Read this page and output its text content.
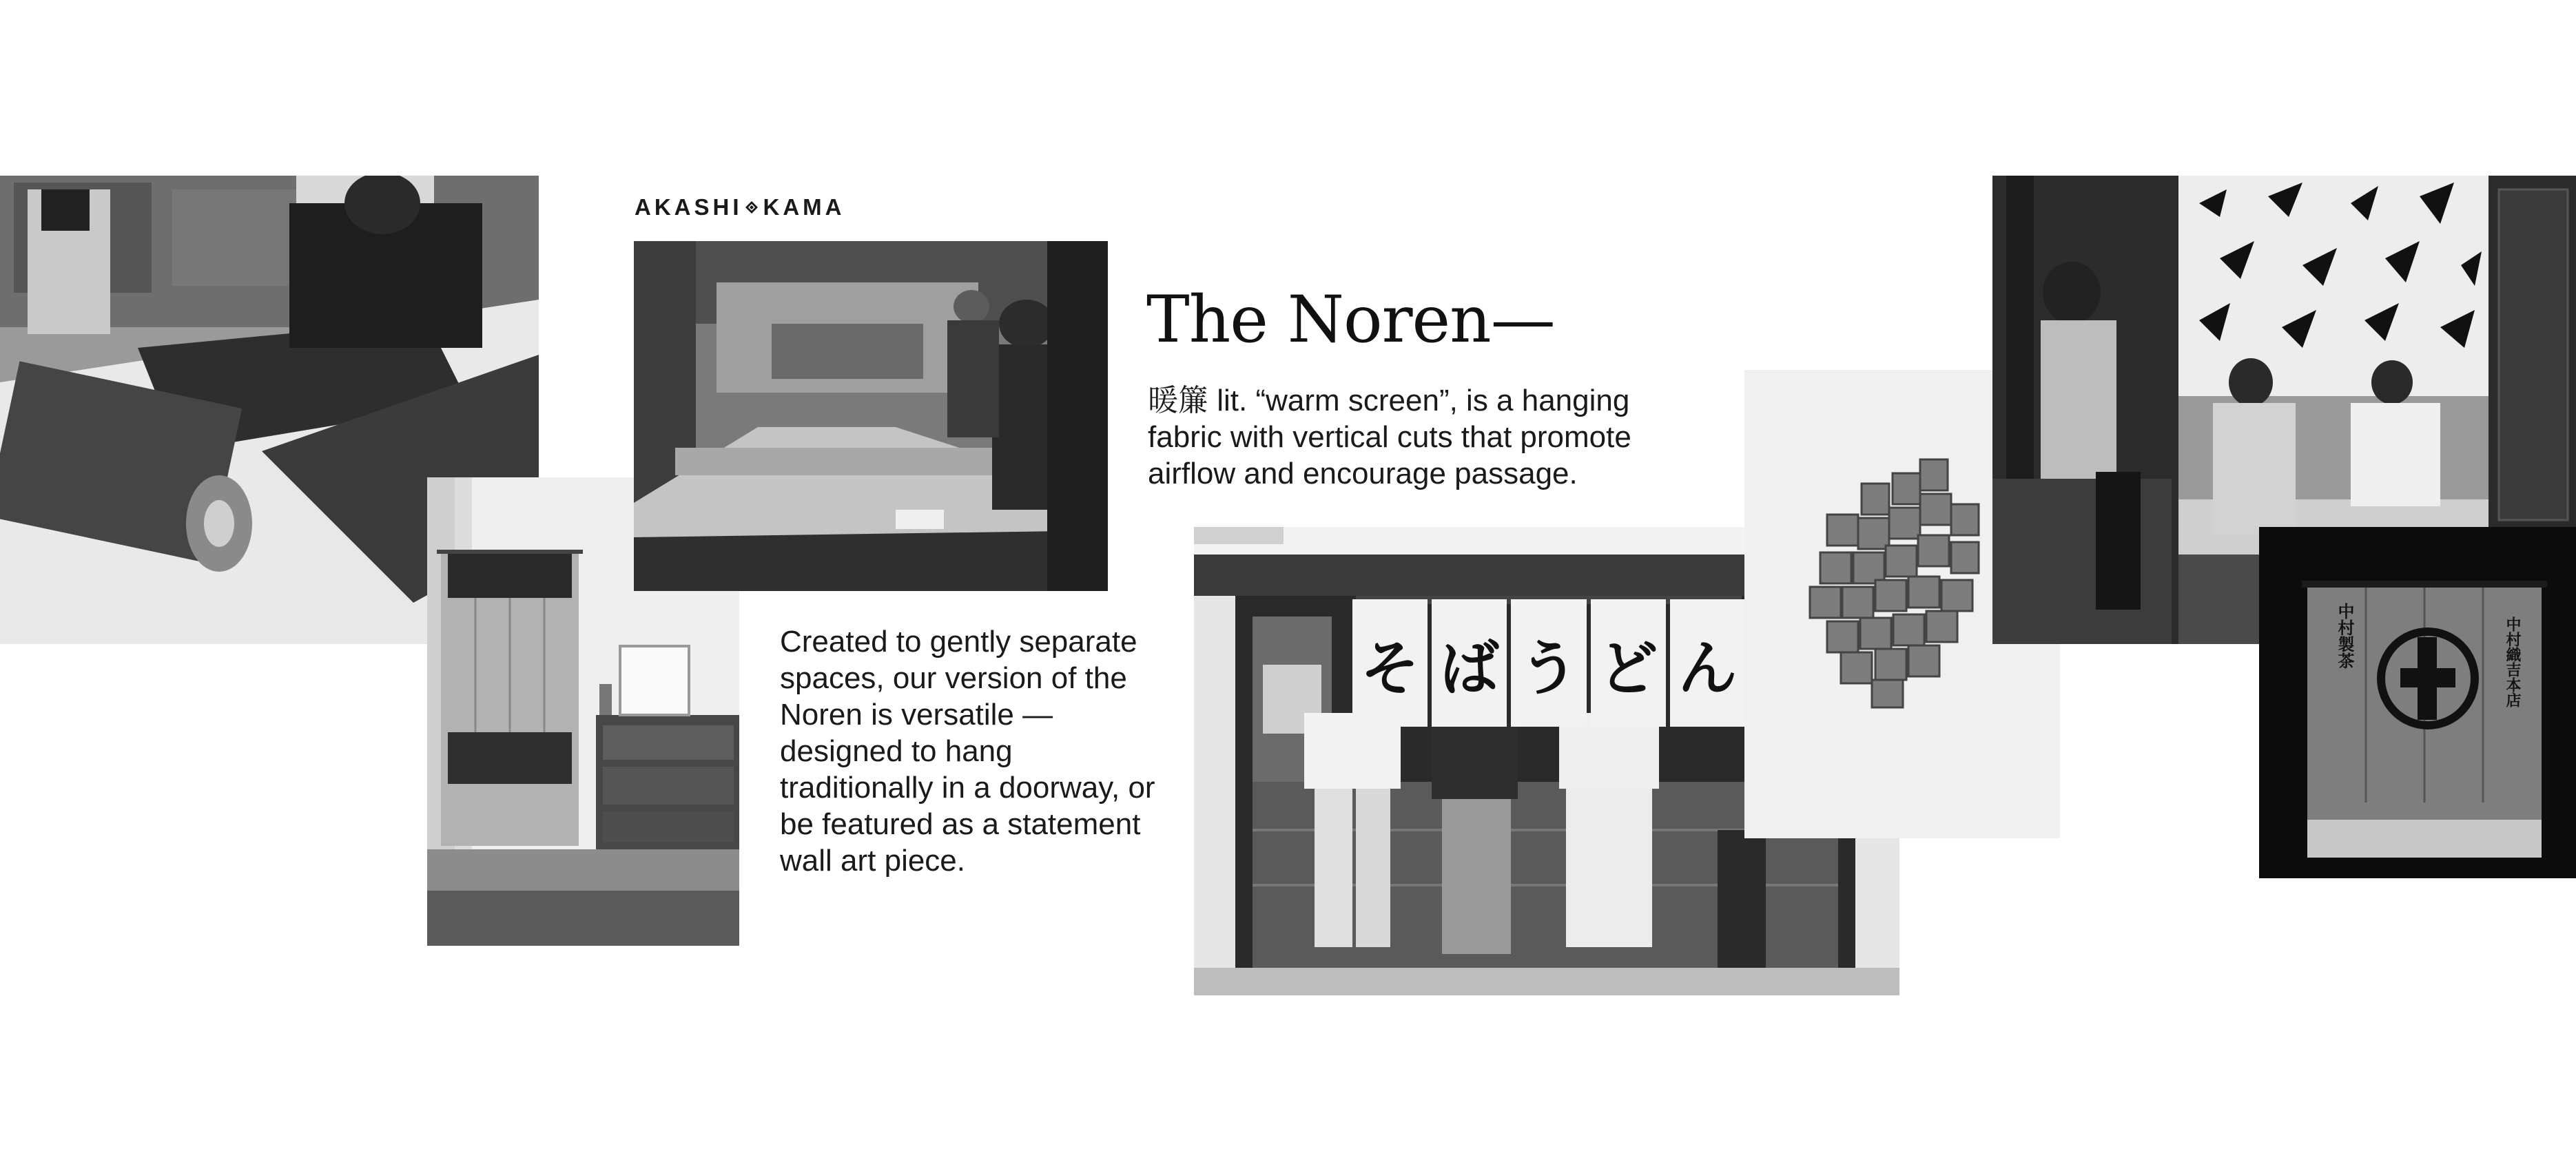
そ ば う ど ん	中村製茶	中村織吉本店
AKASHI KAMA
The Noren—
暖簾 lit. “warm screen”, is a hanging fabric with vertical cuts that promote airflow and encourage passage.
Created to gently separate spaces, our version of the Noren is versatile — designed to hang traditionally in a doorway, or be featured as a statement wall art piece.
